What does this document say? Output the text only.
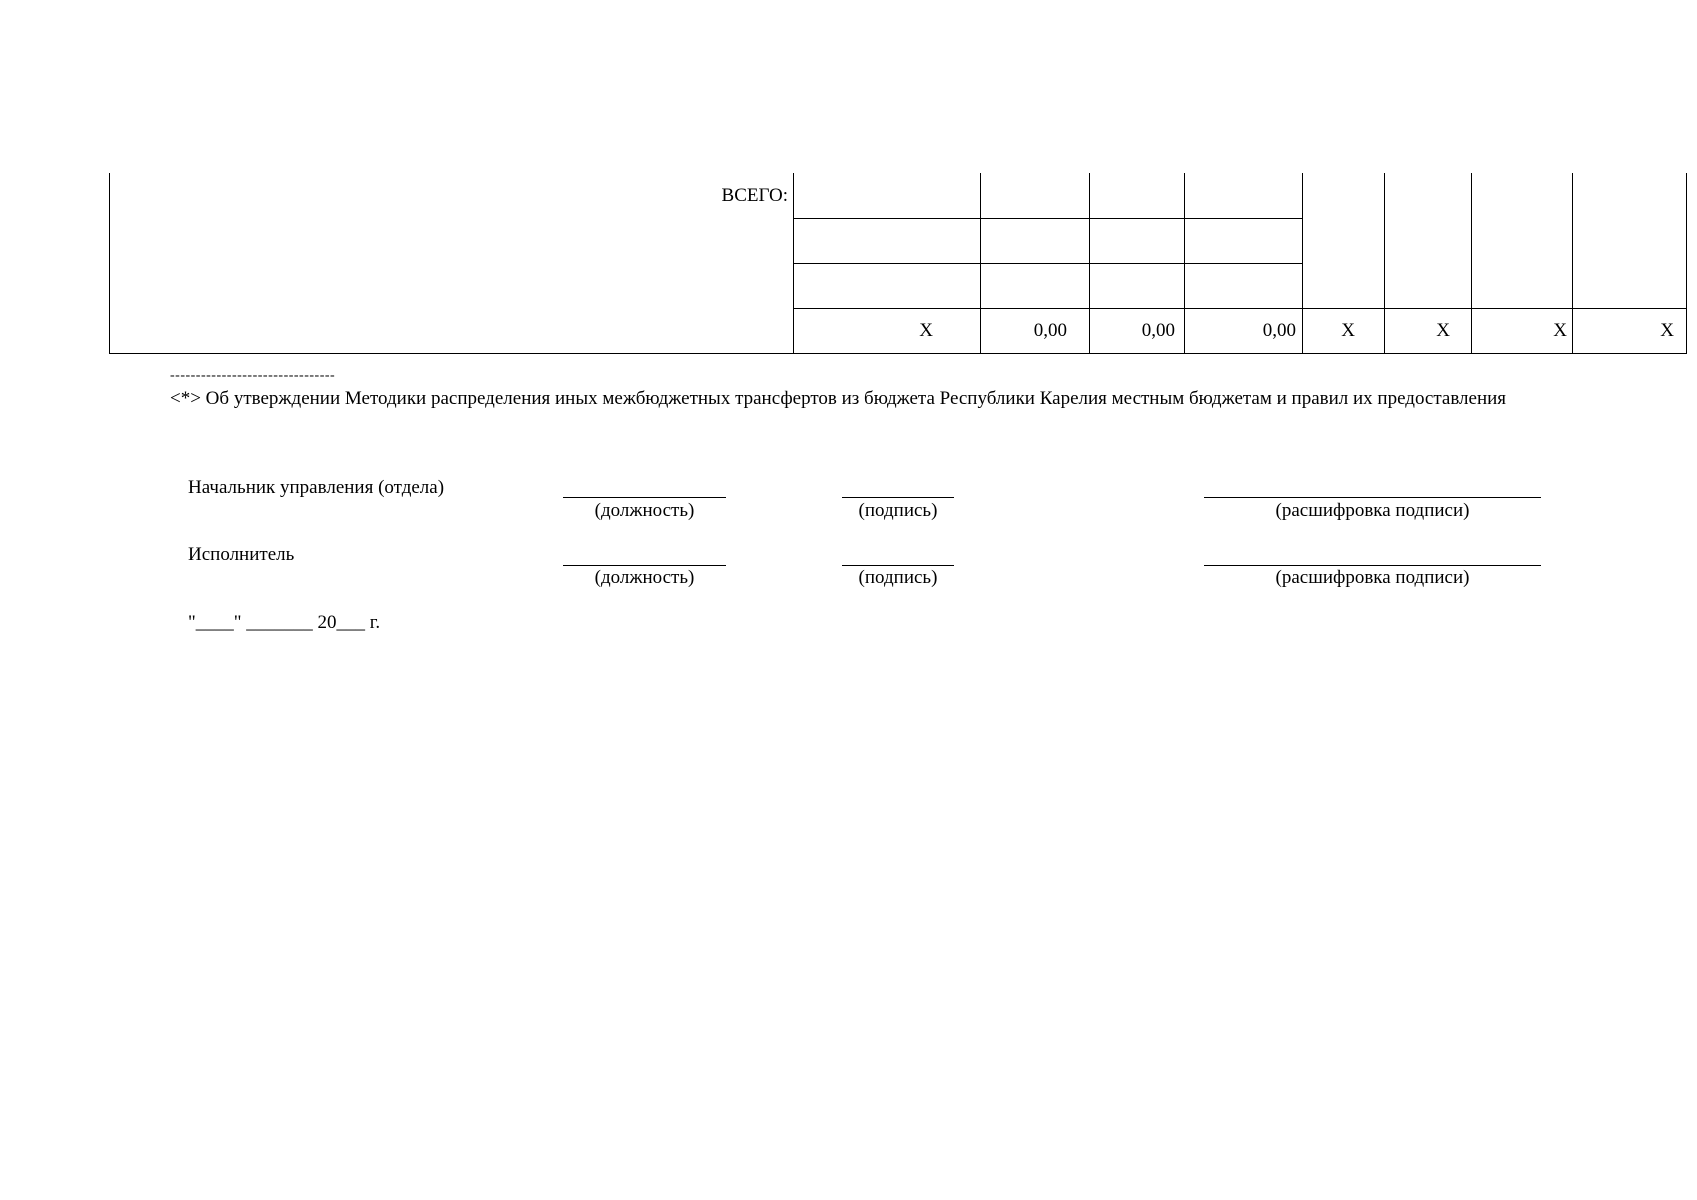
ВСЕГО:
Х	0,00	0,00	0,00	Х	Х	Х	Х
--------------------------------
<*> Об утверждении Методики распределения иных межбюджетных трансфертов из бюджета Республики Карелия местным бюджетам и правил их предоставления
Начальник управления (отдела)
(должность)	(подпись)	(расшифровка подписи)
Исполнитель
(должность)	(подпись)	(расшифровка подписи)
"____" _______ 20___ г.
